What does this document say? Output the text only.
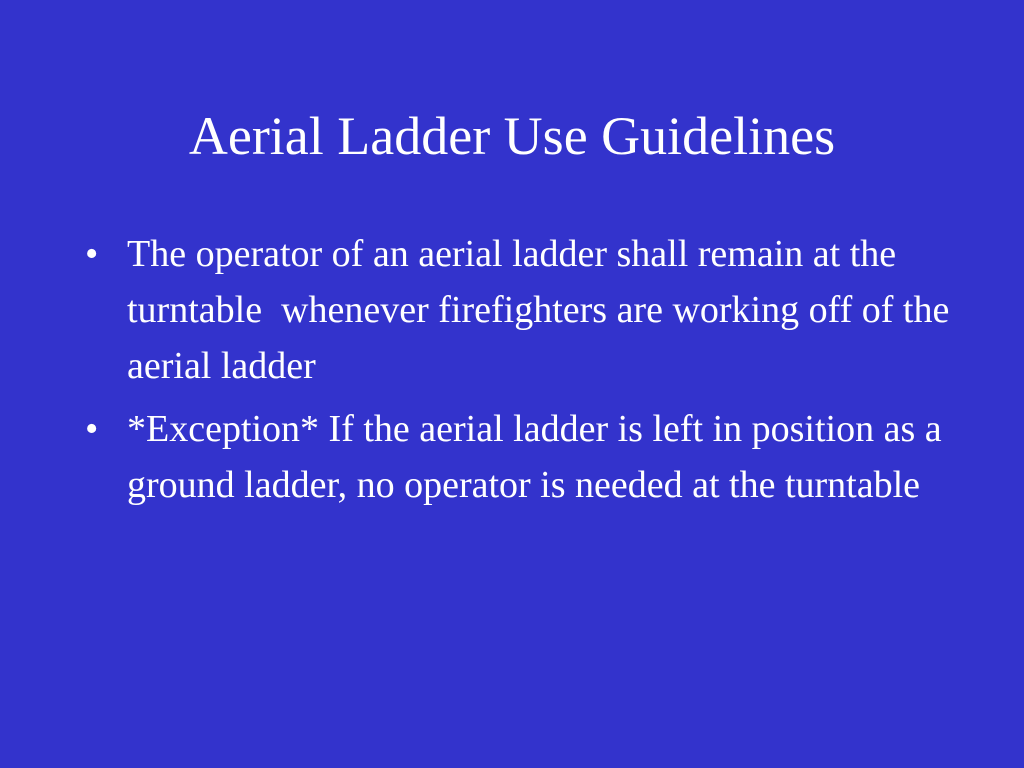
Aerial Ladder Use Guidelines
• The operator of an aerial ladder shall remain at the turntable  whenever firefighters are working off of the aerial ladder
• *Exception* If the aerial ladder is left in position as a ground ladder, no operator is needed at the turntable
